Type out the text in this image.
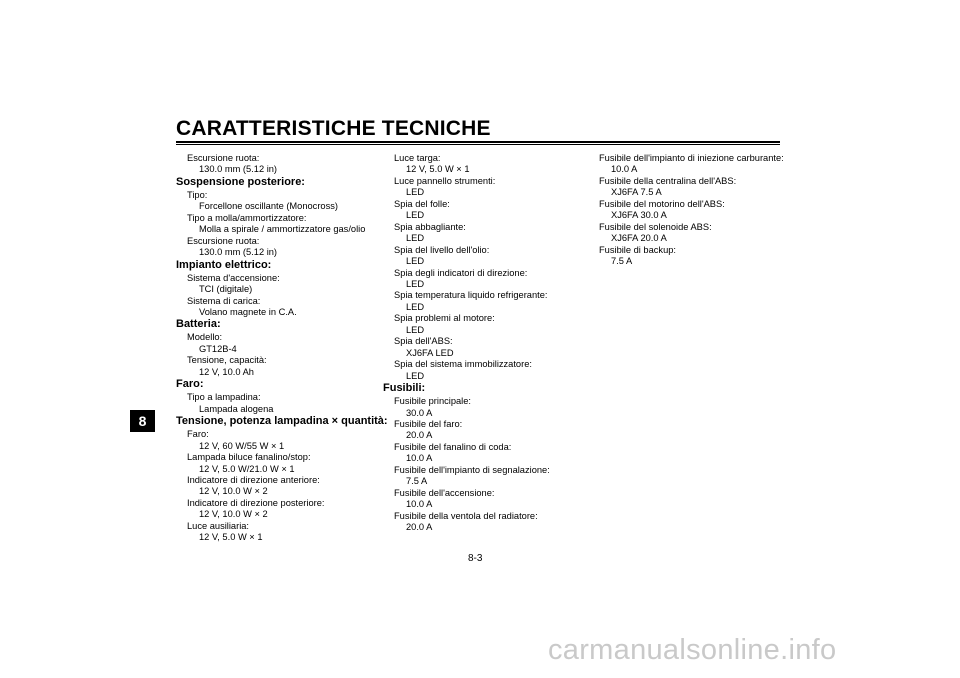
CARATTERISTICHE TECNICHE
8
Escursione ruota:
130.0 mm (5.12 in)
Sospensione posteriore:
Tipo:
Forcellone oscillante (Monocross)
Tipo a molla/ammortizzatore:
Molla a spirale / ammortizzatore gas/olio
Escursione ruota:
130.0 mm (5.12 in)
Impianto elettrico:
Sistema d'accensione:
TCI (digitale)
Sistema di carica:
Volano magnete in C.A.
Batteria:
Modello:
GT12B-4
Tensione, capacità:
12 V, 10.0 Ah
Faro:
Tipo a lampadina:
Lampada alogena
Tensione, potenza lampadina × quantità:
Faro:
12 V, 60 W/55 W × 1
Lampada biluce fanalino/stop:
12 V, 5.0 W/21.0 W × 1
Indicatore di direzione anteriore:
12 V, 10.0 W × 2
Indicatore di direzione posteriore:
12 V, 10.0 W × 2
Luce ausiliaria:
12 V, 5.0 W × 1
Luce targa:
12 V, 5.0 W × 1
Luce pannello strumenti:
LED
Spia del folle:
LED
Spia abbagliante:
LED
Spia del livello dell'olio:
LED
Spia degli indicatori di direzione:
LED
Spia temperatura liquido refrigerante:
LED
Spia problemi al motore:
LED
Spia dell'ABS:
XJ6FA LED
Spia del sistema immobilizzatore:
LED
Fusibili:
Fusibile principale:
30.0 A
Fusibile del faro:
20.0 A
Fusibile del fanalino di coda:
10.0 A
Fusibile dell'impianto di segnalazione:
7.5 A
Fusibile dell'accensione:
10.0 A
Fusibile della ventola del radiatore:
20.0 A
Fusibile dell'impianto di iniezione carburante:
10.0 A
Fusibile della centralina dell'ABS:
XJ6FA 7.5 A
Fusibile del motorino dell'ABS:
XJ6FA 30.0 A
Fusibile del solenoide ABS:
XJ6FA 20.0 A
Fusibile di backup:
7.5 A
8-3
carmanualsonline.info
